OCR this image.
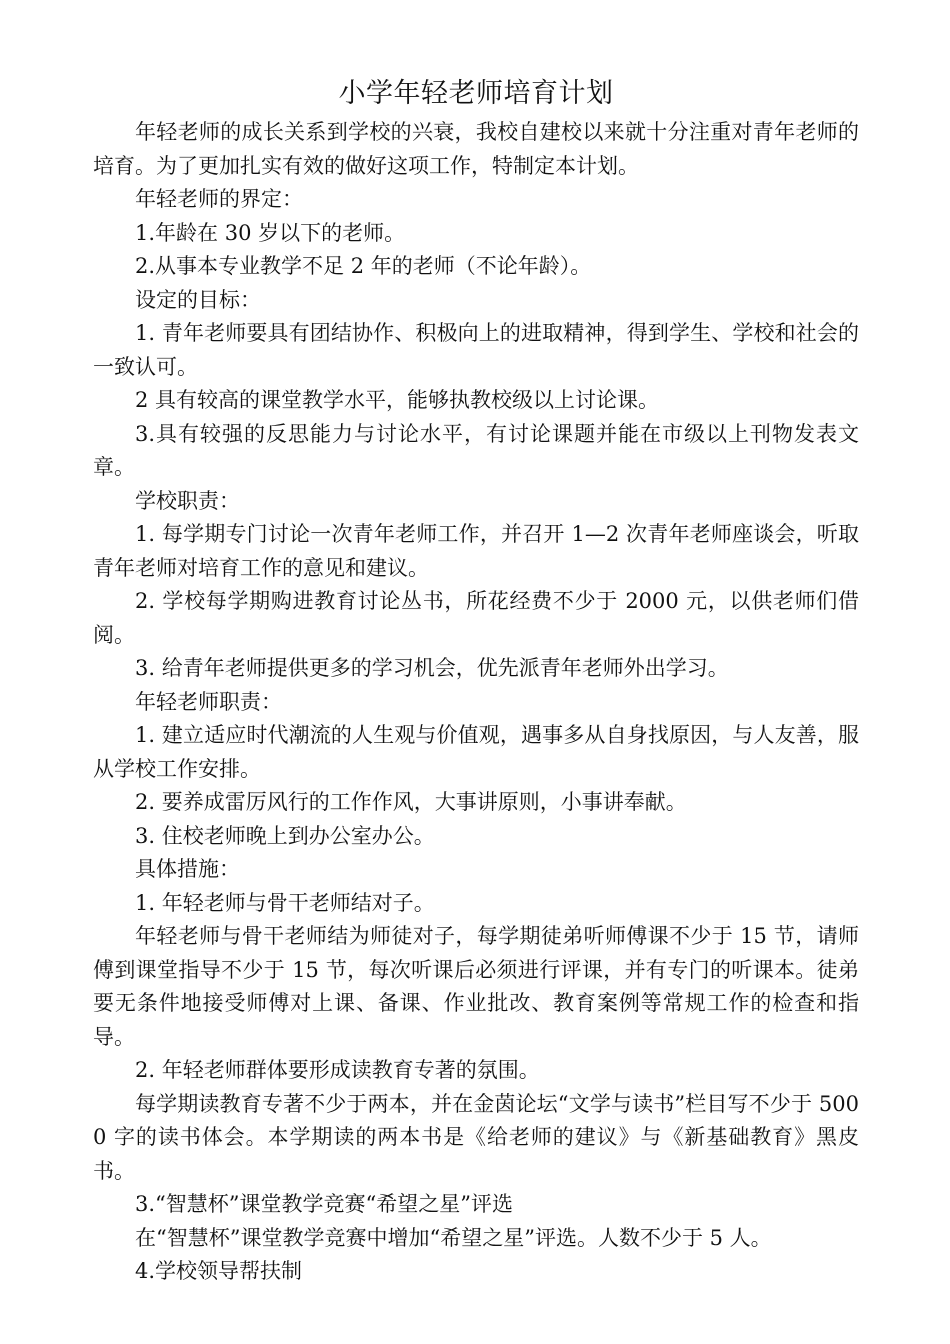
小学年轻老师培育计划

年轻老师的成长关系到学校的兴衰，我校自建校以来就十分注重对青年老师的培育。为了更加扎实有效的做好这项工作，特制定本计划。

年轻老师的界定：

1.年龄在 30 岁以下的老师。

2.从事本专业教学不足 2 年的老师（不论年龄）。

设定的目标：

1. 青年老师要具有团结协作、积极向上的进取精神，得到学生、学校和社会的一致认可。

2 具有较高的课堂教学水平，能够执教校级以上讨论课。

3.具有较强的反思能力与讨论水平，有讨论课题并能在市级以上刊物发表文章。

学校职责：

1. 每学期专门讨论一次青年老师工作，并召开 1—2 次青年老师座谈会，听取青年老师对培育工作的意见和建议。

2. 学校每学期购进教育讨论丛书，所花经费不少于 2000 元，以供老师们借阅。

3. 给青年老师提供更多的学习机会，优先派青年老师外出学习。

年轻老师职责：

1. 建立适应时代潮流的人生观与价值观，遇事多从自身找原因，与人友善，服从学校工作安排。

2. 要养成雷厉风行的工作作风，大事讲原则，小事讲奉献。

3. 住校老师晚上到办公室办公。

具体措施：

1. 年轻老师与骨干老师结对子。

年轻老师与骨干老师结为师徒对子，每学期徒弟听师傅课不少于 15 节，请师傅到课堂指导不少于 15 节，每次听课后必须进行评课，并有专门的听课本。徒弟要无条件地接受师傅对上课、备课、作业批改、教育案例等常规工作的检查和指导。

2. 年轻老师群体要形成读教育专著的氛围。

每学期读教育专著不少于两本，并在金茵论坛“文学与读书”栏目写不少于 5000 字的读书体会。本学期读的两本书是《给老师的建议》与《新基础教育》黑皮书。

3.“智慧杯”课堂教学竞赛“希望之星”评选

在“智慧杯”课堂教学竞赛中增加“希望之星”评选。人数不少于 5 人。

4.学校领导帮扶制
